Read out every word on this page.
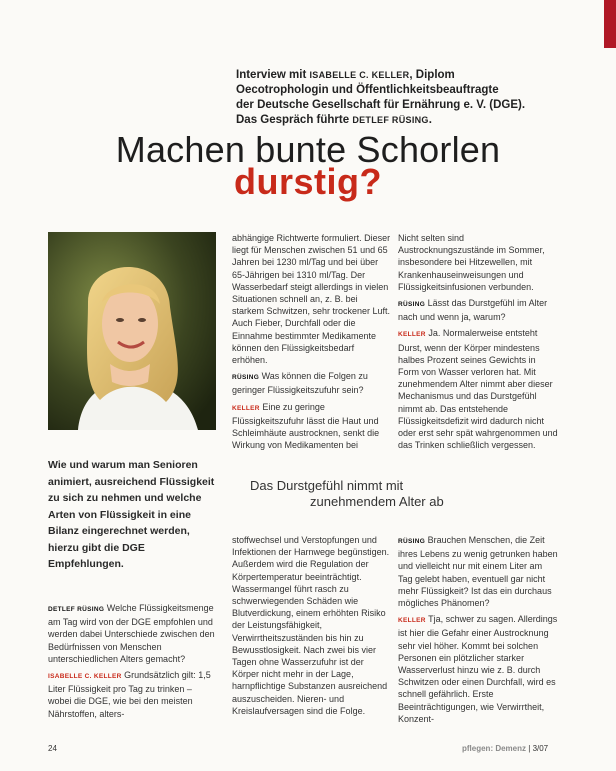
Interview mit ISABELLE C. KELLER, Diplom
Oecotrophologin und Öffentlichkeitsbeauftragte
der Deutsche Gesellschaft für Ernährung e. V. (DGE).
Das Gespräch führte DETLEF RÜSING.
Machen bunte Schorlen
durstig?
Wie und warum man Senioren animiert, ausreichend Flüssigkeit zu sich zu nehmen und welche Arten von Flüssigkeit in eine Bilanz eingerechnet werden, hierzu gibt die DGE Empfehlungen.

DETLEF RÜSING Welche Flüssigkeitsmenge am Tag wird von der DGE empfohlen und werden dabei Unterschiede zwischen den Bedürfnissen von Menschen unterschiedlichen Alters gemacht?

ISABELLE C. KELLER Grundsätzlich gilt: 1,5 Liter Flüssigkeit pro Tag zu trinken – wobei die DGE, wie bei den meisten Nährstoffen, alters-

abhängige Richtwerte formuliert. Dieser liegt für Menschen zwischen 51 und 65 Jahren bei 1230 ml/Tag und bei über 65-Jährigen bei 1310 ml/Tag. Der Wasserbedarf steigt allerdings in vielen Situationen schnell an, z. B. bei starkem Schwitzen, sehr trockener Luft. Auch Fieber, Durchfall oder die Einnahme bestimmter Medikamente können den Flüssigkeitsbedarf erhöhen.

RÜSING Was können die Folgen zu geringer Flüssigkeitszufuhr sein?

KELLER Eine zu geringe Flüssigkeitszufuhr lässt die Haut und Schleimhäute austrocknen, senkt die Wirkung von Medikamenten bei

Nicht selten sind Austrocknungszustände im Sommer, insbesondere bei Hitzewellen, mit Krankenhauseinweisungen und Flüssigkeitsinfusionen verbunden.

RÜSING Lässt das Durstgefühl im Alter nach und wenn ja, warum?

KELLER Ja. Normalerweise entsteht Durst, wenn der Körper mindestens halbes Prozent seines Gewichts in Form von Wasser verloren hat. Mit zunehmendem Alter nimmt aber dieser Mechanismus und das Durstgefühl nimmt ab. Das entstehende Flüssigkeitsdefizit wird dadurch nicht oder erst sehr spät wahrgenommen und das Trinken schließlich vergessen.

Das Durstgefühl nimmt mit
zunehmendem Alter ab

stoffwechsel und Verstopfungen und Infektionen der Harnwege begünstigen. Außerdem wird die Regulation der Körpertemperatur beeinträchtigt. Wassermangel führt rasch zu schwerwiegenden Schäden wie Blutverdickung, einem erhöhten Risiko der Leistungsfähigkeit, Verwirrtheitszuständen bis hin zu Bewusstlosigkeit. Nach zwei bis vier Tagen ohne Wasserzufuhr ist der Körper nicht mehr in der Lage, harnpflichtige Substanzen ausreichend auszuscheiden. Nieren- und Kreislaufversagen sind die Folge.

RÜSING Brauchen Menschen, die Zeit ihres Lebens zu wenig getrunken haben und vielleicht nur mit einem Liter am Tag gelebt haben, eventuell gar nicht mehr Flüssigkeit? Ist das ein durchaus mögliches Phänomen?

KELLER Tja, schwer zu sagen. Allerdings ist hier die Gefahr einer Austrocknung sehr viel höher. Kommt bei solchen Personen ein plötzlicher starker Wasserverlust hinzu wie z. B. durch Schwitzen oder einen Durchfall, wird es schnell gefährlich. Erste Beeinträchtigungen, wie Verwirrtheit, Konzent-

24	pflegen: Demenz | 3/07
